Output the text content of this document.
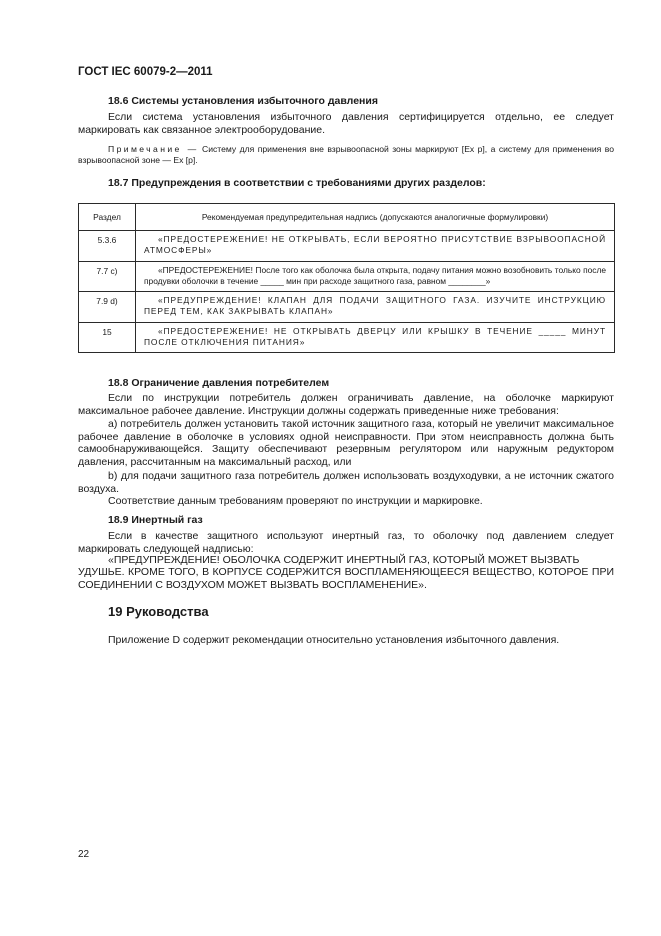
ГОСТ IEC 60079-2—2011
18.6 Системы установления избыточного давления
Если система установления избыточного давления сертифицируется отдельно, ее следует маркировать как связанное электрооборудование.
Примечание — Систему для применения вне взрывоопасной зоны маркируют [Ex p], а систему для применения во взрывоопасной зоне — Ex [p].
18.7 Предупреждения в соответствии с требованиями других разделов:
Раздел	Рекомендуемая предупредительная надпись (допускаются аналогичные формулировки)
5.3.6	«ПРЕДОСТЕРЕЖЕНИЕ! НЕ ОТКРЫВАТЬ, ЕСЛИ ВЕРОЯТНО ПРИСУТСТВИЕ ВЗРЫВООПАСНОЙ АТМОСФЕРЫ»
7.7 с)	«ПРЕДОСТЕРЕЖЕНИЕ! После того как оболочка была открыта, подачу питания можно возобновить только после продувки оболочки в течение _____ мин при расходе защитного газа, равном ________»
7.9 d)	«ПРЕДУПРЕЖДЕНИЕ! КЛАПАН ДЛЯ ПОДАЧИ ЗАЩИТНОГО ГАЗА. ИЗУЧИТЕ ИНСТРУКЦИЮ ПЕРЕД ТЕМ, КАК ЗАКРЫВАТЬ КЛАПАН»
15	«ПРЕДОСТЕРЕЖЕНИЕ! НЕ ОТКРЫВАТЬ ДВЕРЦУ ИЛИ КРЫШКУ В ТЕЧЕНИЕ _____ МИНУТ ПОСЛЕ ОТКЛЮЧЕНИЯ ПИТАНИЯ»
18.8 Ограничение давления потребителем
Если по инструкции потребитель должен ограничивать давление, на оболочке маркируют максимальное рабочее давление. Инструкции должны содержать приведенные ниже требования:
а) потребитель должен установить такой источник защитного газа, который не увеличит максимальное рабочее давление в оболочке в условиях одной неисправности. При этом неисправность должна быть самообнаруживающейся. Защиту обеспечивают резервным регулятором или наружным редуктором давления, рассчитанным на максимальный расход, или
b) для подачи защитного газа потребитель должен использовать воздуходувки, а не источник сжатого воздуха.
Соответствие данным требованиям проверяют по инструкции и маркировке.
18.9 Инертный газ
Если в качестве защитного используют инертный газ, то оболочку под давлением следует маркировать следующей надписью:
«ПРЕДУПРЕЖДЕНИЕ! ОБОЛОЧКА СОДЕРЖИТ ИНЕРТНЫЙ ГАЗ, КОТОРЫЙ МОЖЕТ ВЫЗВАТЬ
УДУШЬЕ. КРОМЕ ТОГО, В КОРПУСЕ СОДЕРЖИТСЯ ВОСПЛАМЕНЯЮЩЕЕСЯ ВЕЩЕСТВО, КОТОРОЕ ПРИ СОЕДИНЕНИИ С ВОЗДУХОМ МОЖЕТ ВЫЗВАТЬ ВОСПЛАМЕНЕНИЕ».
19 Руководства
Приложение D содержит рекомендации относительно установления избыточного давления.
22
